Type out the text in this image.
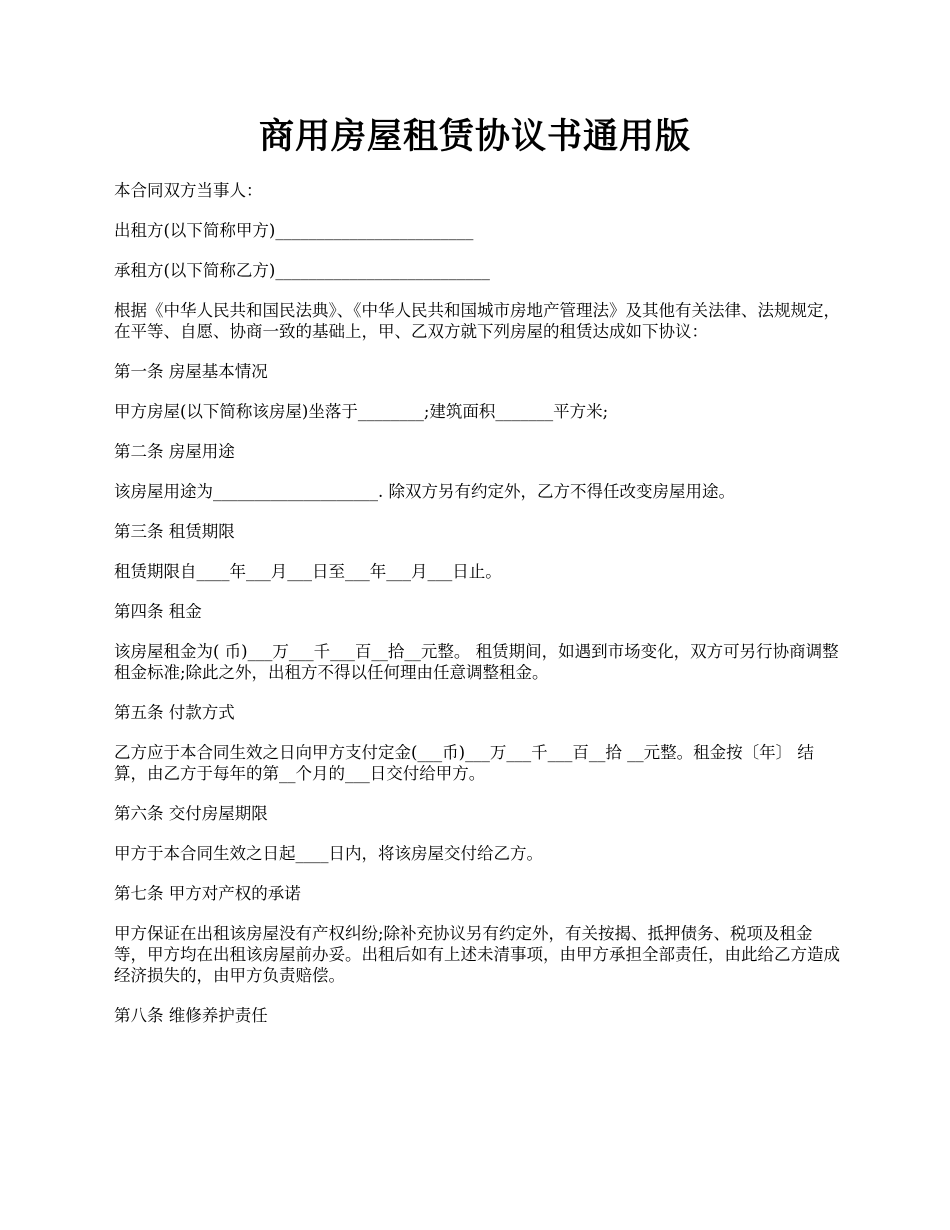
商用房屋租赁协议书通用版

本合同双方当事人：

出租方(以下简称甲方)________________________

承租方(以下简称乙方)__________________________

根据《中华人民共和国民法典》、《中华人民共和国城市房地产管理法》及其他有关法律、法规规定，在平等、自愿、协商一致的基础上，甲、乙双方就下列房屋的租赁达成如下协议：

第一条 房屋基本情况

甲方房屋(以下简称该房屋)坐落于________;建筑面积_______平方米;

第二条 房屋用途

该房屋用途为____________________. 除双方另有约定外，乙方不得任改变房屋用途。

第三条 租赁期限

租赁期限自____年___月___日至___年___月___日止。

第四条 租金

该房屋租金为( 币)___万___千___百__拾__元整。 租赁期间，如遇到市场变化，双方可另行协商调整租金标准;除此之外，出租方不得以任何理由任意调整租金。

第五条 付款方式

乙方应于本合同生效之日向甲方支付定金(___币)___万___千___百__拾 __元整。租金按〔年〕 结算，由乙方于每年的第__个月的___日交付给甲方。

第六条 交付房屋期限

甲方于本合同生效之日起____日内，将该房屋交付给乙方。

第七条 甲方对产权的承诺

甲方保证在出租该房屋没有产权纠纷;除补充协议另有约定外，有关按揭、抵押债务、税项及租金等，甲方均在出租该房屋前办妥。出租后如有上述未清事项，由甲方承担全部责任，由此给乙方造成经济损失的，由甲方负责赔偿。

第八条 维修养护责任
